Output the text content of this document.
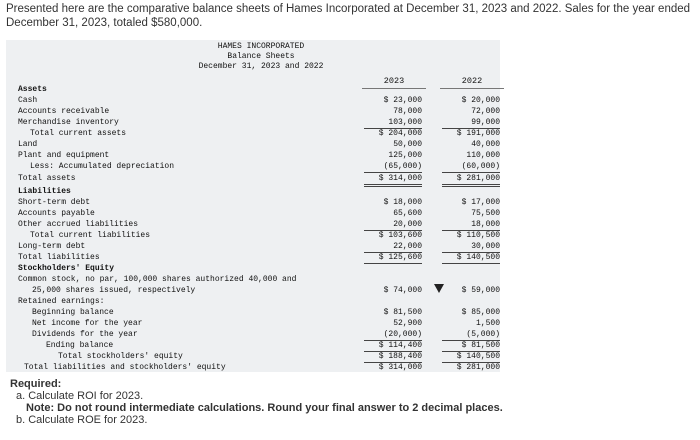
Presented here are the comparative balance sheets of Hames Incorporated at December 31, 2023 and 2022. Sales for the year ended December 31, 2023, totaled $580,000.
HAMES INCORPORATED
Balance Sheets
December 31, 2023 and 2022
2023	2022
Assets
Cash	$ 23,000	$ 20,000
Accounts receivable	78,000	72,000
Merchandise inventory	103,000	99,000
Total current assets	$ 204,000	$ 191,000
Land	50,000	40,000
Plant and equipment	125,000	110,000
Less: Accumulated depreciation	(65,000)	(60,000)
Total assets	$ 314,000	$ 281,000
Liabilities
Short-term debt	$ 18,000	$ 17,000
Accounts payable	65,600	75,500
Other accrued liabilities	20,000	18,000
Total current liabilities	$ 103,600	$ 110,500
Long-term debt	22,000	30,000
Total liabilities	$ 125,600	$ 140,500
Stockholders' Equity
Common stock, no par, 100,000 shares authorized 40,000 and
25,000 shares issued, respectively	$ 74,000	$ 59,000
Retained earnings:
Beginning balance	$ 81,500	$ 85,000
Net income for the year	52,900	1,500
Dividends for the year	(20,000)	(5,000)
Ending balance	$ 114,400	$ 81,500
Total stockholders' equity	$ 188,400	$ 140,500
Total liabilities and stockholders' equity	$ 314,000	$ 281,000
Required:
a. Calculate ROI for 2023.
Note: Do not round intermediate calculations. Round your final answer to 2 decimal places.
b. Calculate ROE for 2023.
